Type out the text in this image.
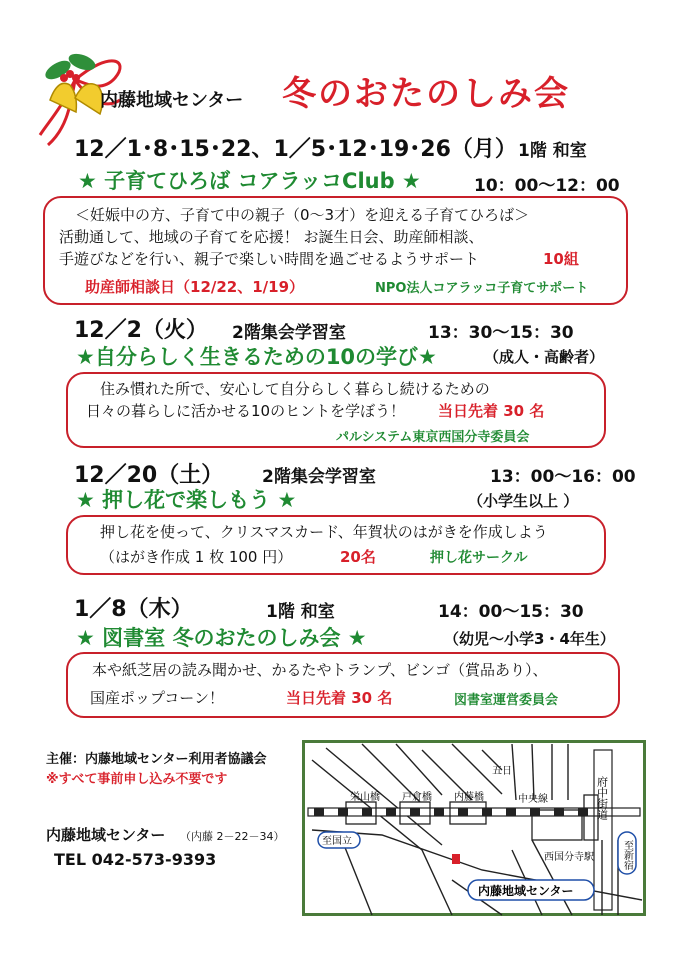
内藤地域センター 冬のおたのしみ会
12／1･8･15･22、1／5･12･19･26（月） 1階 和室
★ 子育てひろば コアラッコClub ★	10：00～12：00
＜妊娠中の方、子育て中の親子（0～3才）を迎える子育てひろば＞
活動通して、地域の子育てを応援！ お誕生日会、助産師相談、
手遊びなどを行い、親子で楽しい時間を過ごせるようサポート	10組
助産師相談日（12/22、1/19）	NPO法人コアラッコ子育てサポート
12／2（火） 2階集会学習室	13：30～15：30
★自分らしく生きるための10の学び★	（成人・高齢者）
住み慣れた所で、安心して自分らしく暮らし続けるための
日々の暮らしに活かせる10のヒントを学ぼう！ 当日先着 30 名
パルシステム東京西国分寺委員会
12／20（土） 2階集会学習室	13：00～16：00
★ 押し花で楽しもう ★	（小学生以上 ）
押し花を使って、クリスマスカード、年賀状のはがきを作成しよう
（はがき作成 1 枚 100 円）	20名	押し花サークル
1／8（木）	1階 和室	14：00～15：30
★ 図書室 冬のおたのしみ会 ★	（幼児～小学3・4年生）
本や紙芝居の読み聞かせ、かるたやトランプ、ビンゴ（賞品あり）、
国産ポップコーン！	当日先着 30 名	図書室運営委員会
主催：内藤地域センター利用者協議会
※すべて事前申し込み不要です
内藤地域センター （内藤 2－22－34）
TEL 042-573-9393
府中街道
五日
栄山橋 戸倉橋 内藤橋	中央線
至国立	至新宿
西国分寺駅
内藤地域センター
